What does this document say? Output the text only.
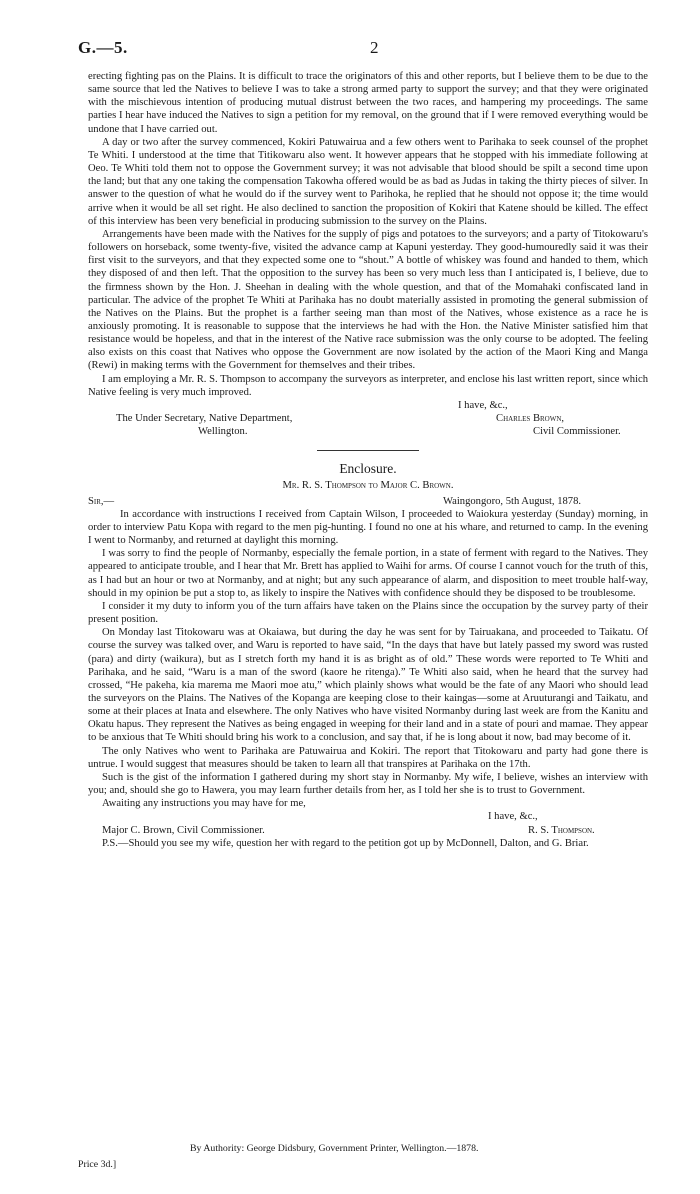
G.—5.	2

erecting fighting pas on the Plains. It is difficult to trace the originators of this and other reports, but I believe them to be due to the same source that led the Natives to believe I was to take a strong armed party to support the survey; and that they were originated with the mischievous intention of producing mutual distrust between the two races, and hampering my proceedings. The same parties I hear have induced the Natives to sign a petition for my removal, on the ground that if I were removed everything would be undone that I have carried out.

A day or two after the survey commenced, Kokiri Patuwairua and a few others went to Parihaka to seek counsel of the prophet Te Whiti. I understood at the time that Titikowaru also went. It however appears that he stopped with his immediate following at Oeo. Te Whiti told them not to oppose the Government survey; it was not advisable that blood should be spilt a second time upon the land; but that any one taking the compensation Takowha offered would be as bad as Judas in taking the thirty pieces of silver. In answer to the question of what he would do if the survey went to Parihoka, he replied that he should not oppose it; the time would arrive when it would be all set right. He also declined to sanction the proposition of Kokiri that Katene should be killed. The effect of this interview has been very beneficial in producing submission to the survey on the Plains.

Arrangements have been made with the Natives for the supply of pigs and potatoes to the surveyors; and a party of Titokowaru's followers on horseback, some twenty-five, visited the advance camp at Kapuni yesterday. They good-humouredly said it was their first visit to the surveyors, and that they expected some one to “shout.” A bottle of whiskey was found and handed to them, which they disposed of and then left. That the opposition to the survey has been so very much less than I anticipated is, I believe, due to the firmness shown by the Hon. J. Sheehan in dealing with the whole question, and that of the Momahaki confiscated land in particular. The advice of the prophet Te Whiti at Parihaka has no doubt materially assisted in promoting the general submission of the Natives on the Plains. But the prophet is a farther seeing man than most of the Natives, whose existence as a race he is anxiously promoting. It is reasonable to suppose that the interviews he had with the Hon. the Native Minister satisfied him that resistance would be hopeless, and that in the interest of the Native race submission was the only course to be adopted. The feeling also exists on this coast that Natives who oppose the Government are now isolated by the action of the Maori King and Manga (Rewi) in making terms with the Government for themselves and their tribes.

I am employing a Mr. R. S. Thompson to accompany the surveyors as interpreter, and enclose his last written report, since which Native feeling is very much improved.

I have, &c.,
The Under Secretary, Native Department,	Charles Brown,
Wellington.	Civil Commissioner.
Enclosure.
Mr. R. S. Thompson to Major C. Brown.
Sir,—	Waingongoro, 5th August, 1878.

In accordance with instructions I received from Captain Wilson, I proceeded to Waiokura yesterday (Sunday) morning, in order to interview Patu Kopa with regard to the men pig-hunting. I found no one at his whare, and returned to camp. In the evening I went to Normanby, and returned at daylight this morning.

I was sorry to find the people of Normanby, especially the female portion, in a state of ferment with regard to the Natives. They appeared to anticipate trouble, and I hear that Mr. Brett has applied to Waihi for arms. Of course I cannot vouch for the truth of this, as I had but an hour or two at Normanby, and at night; but any such appearance of alarm, and disposition to meet trouble half-way, should in my opinion be put a stop to, as likely to inspire the Natives with confidence should they be disposed to be troublesome.

I consider it my duty to inform you of the turn affairs have taken on the Plains since the occupation by the survey party of their present position.

On Monday last Titokowaru was at Okaiawa, but during the day he was sent for by Tairuakana, and proceeded to Taikatu. Of course the survey was talked over, and Waru is reported to have said, “In the days that have but lately passed my sword was rusted (para) and dirty (waikura), but as I stretch forth my hand it is as bright as of old.” These words were reported to Te Whiti and Parihaka, and he said, “Waru is a man of the sword (kaore he ritenga).” Te Whiti also said, when he heard that the survey had crossed, “He pakeha, kia marema me Maori moe atu,” which plainly shows what would be the fate of any Maori who should lead the surveyors on the Plains. The Natives of the Kopanga are keeping close to their kaingas—some at Aruuturangi and Taikatu, and some at their places at Inata and elsewhere. The only Natives who have visited Normanby during last week are from the Kanitu and Okatu hapus. They represent the Natives as being engaged in weeping for their land and in a state of pouri and mamae. They appear to be anxious that Te Whiti should bring his work to a conclusion, and say that, if he is long about it now, bad may become of it.

The only Natives who went to Parihaka are Patuwairua and Kokiri. The report that Titokowaru and party had gone there is untrue. I would suggest that measures should be taken to learn all that transpires at Parihaka on the 17th.

Such is the gist of the information I gathered during my short stay in Normanby. My wife, I believe, wishes an interview with you; and, should she go to Hawera, you may learn further details from her, as I told her she is to trust to Government.

Awaiting any instructions you may have for me,

I have, &c.,
Major C. Brown, Civil Commissioner.	R. S. Thompson.

P.S.—Should you see my wife, question her with regard to the petition got up by McDonnell, Dalton, and G. Briar.

By Authority: George Didsbury, Government Printer, Wellington.—1878.
Price 3d.]
